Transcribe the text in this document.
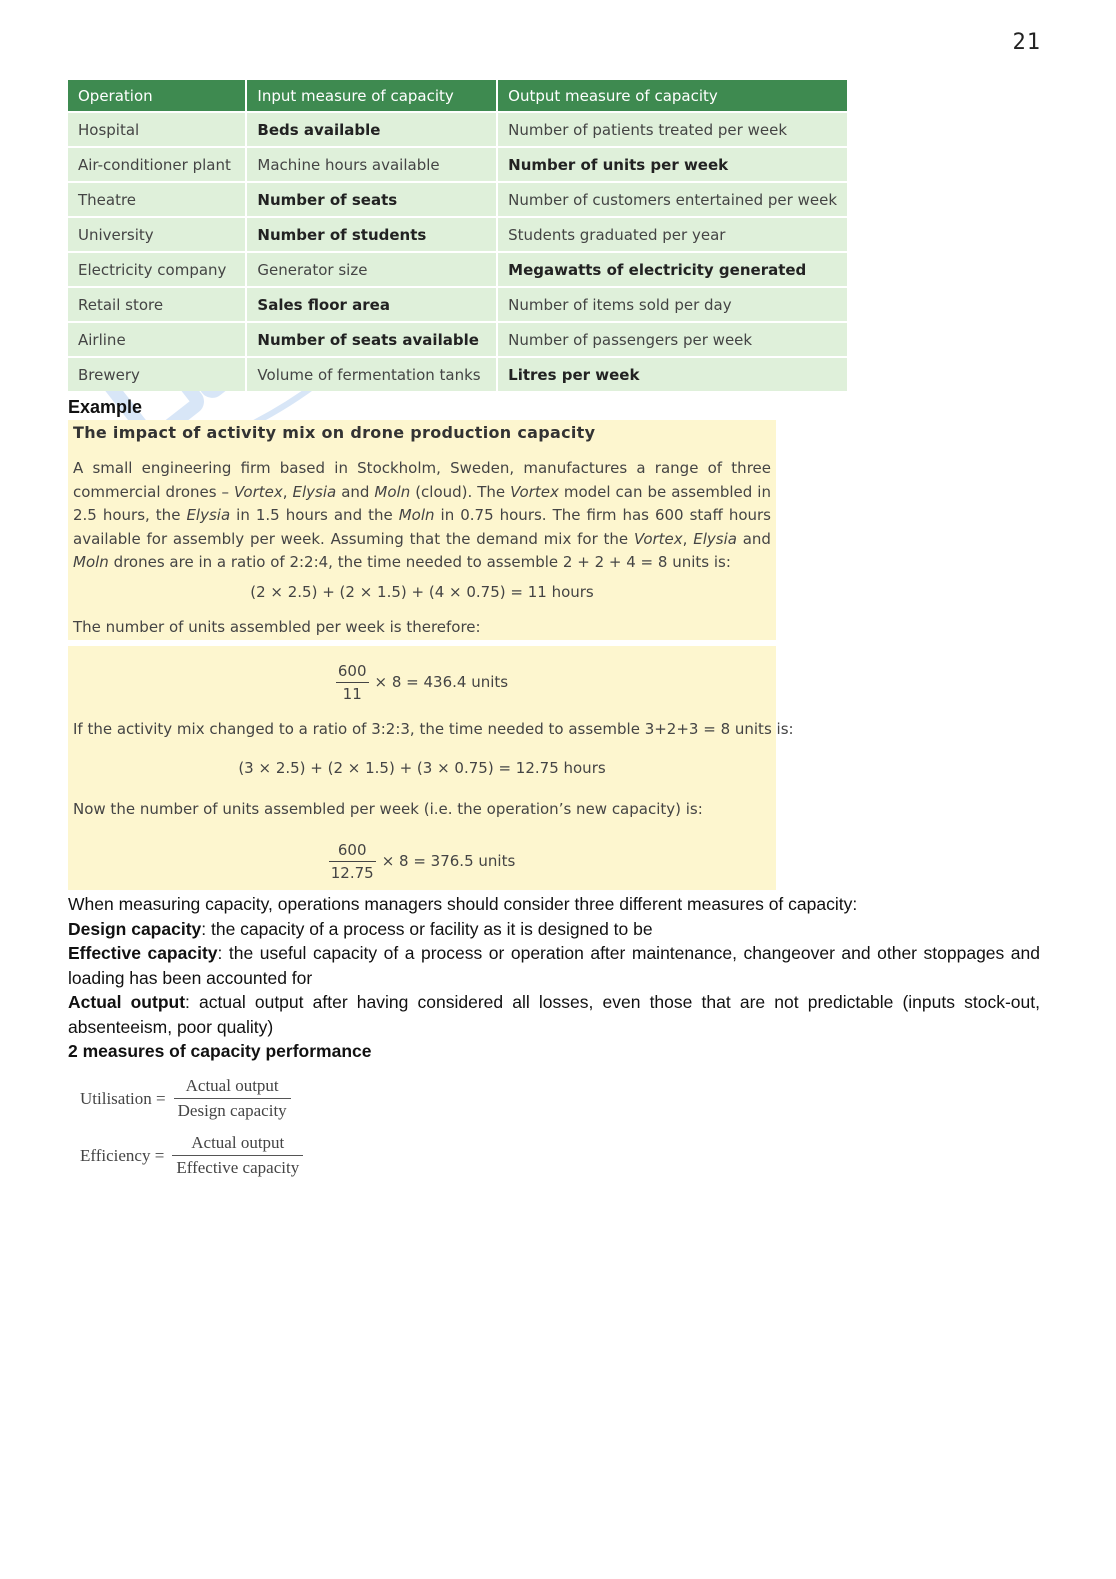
21
Operation	Input measure of capacity	Output measure of capacity
Hospital	Beds available	Number of patients treated per week
Air-conditioner plant	Machine hours available	Number of units per week
Theatre	Number of seats	Number of customers entertained per week
University	Number of students	Students graduated per year
Electricity company	Generator size	Megawatts of electricity generated
Retail store	Sales floor area	Number of items sold per day
Airline	Number of seats available	Number of passengers per week
Brewery	Volume of fermentation tanks	Litres per week
Example
The impact of activity mix on drone production capacity
A small engineering firm based in Stockholm, Sweden, manufactures a range of three commercial drones – Vortex, Elysia and Moln (cloud). The Vortex model can be assembled in 2.5 hours, the Elysia in 1.5 hours and the Moln in 0.75 hours. The firm has 600 staff hours available for assembly per week. Assuming that the demand mix for the Vortex, Elysia and Moln drones are in a ratio of 2:2:4, the time needed to assemble 2 + 2 + 4 = 8 units is:
(2 × 2.5) + (2 × 1.5) + (4 × 0.75) = 11 hours
The number of units assembled per week is therefore:
$\frac{600}{11} \times 8 = 436.4$ units
If the activity mix changed to a ratio of 3:2:3, the time needed to assemble 3+2+3 = 8 units is:
(3 × 2.5) + (2 × 1.5) + (3 × 0.75) = 12.75 hours
Now the number of units assembled per week (i.e. the operation’s new capacity) is:
$\frac{600}{12.75} \times 8 = 376.5$ units

When measuring capacity, operations managers should consider three different measures of capacity:

Design capacity: the capacity of a process or facility as it is designed to be

Effective capacity: the useful capacity of a process or operation after maintenance, changeover and other stoppages and loading has been accounted for

Actual output: actual output after having considered all losses, even those that are not predictable (inputs stock-out, absenteeism, poor quality)

2 measures of capacity performance

Utilisation = $\frac{\text{Actual output}}{\text{Design capacity}}$
Efficiency = $\frac{\text{Actual output}}{\text{Effective capacity}}$
